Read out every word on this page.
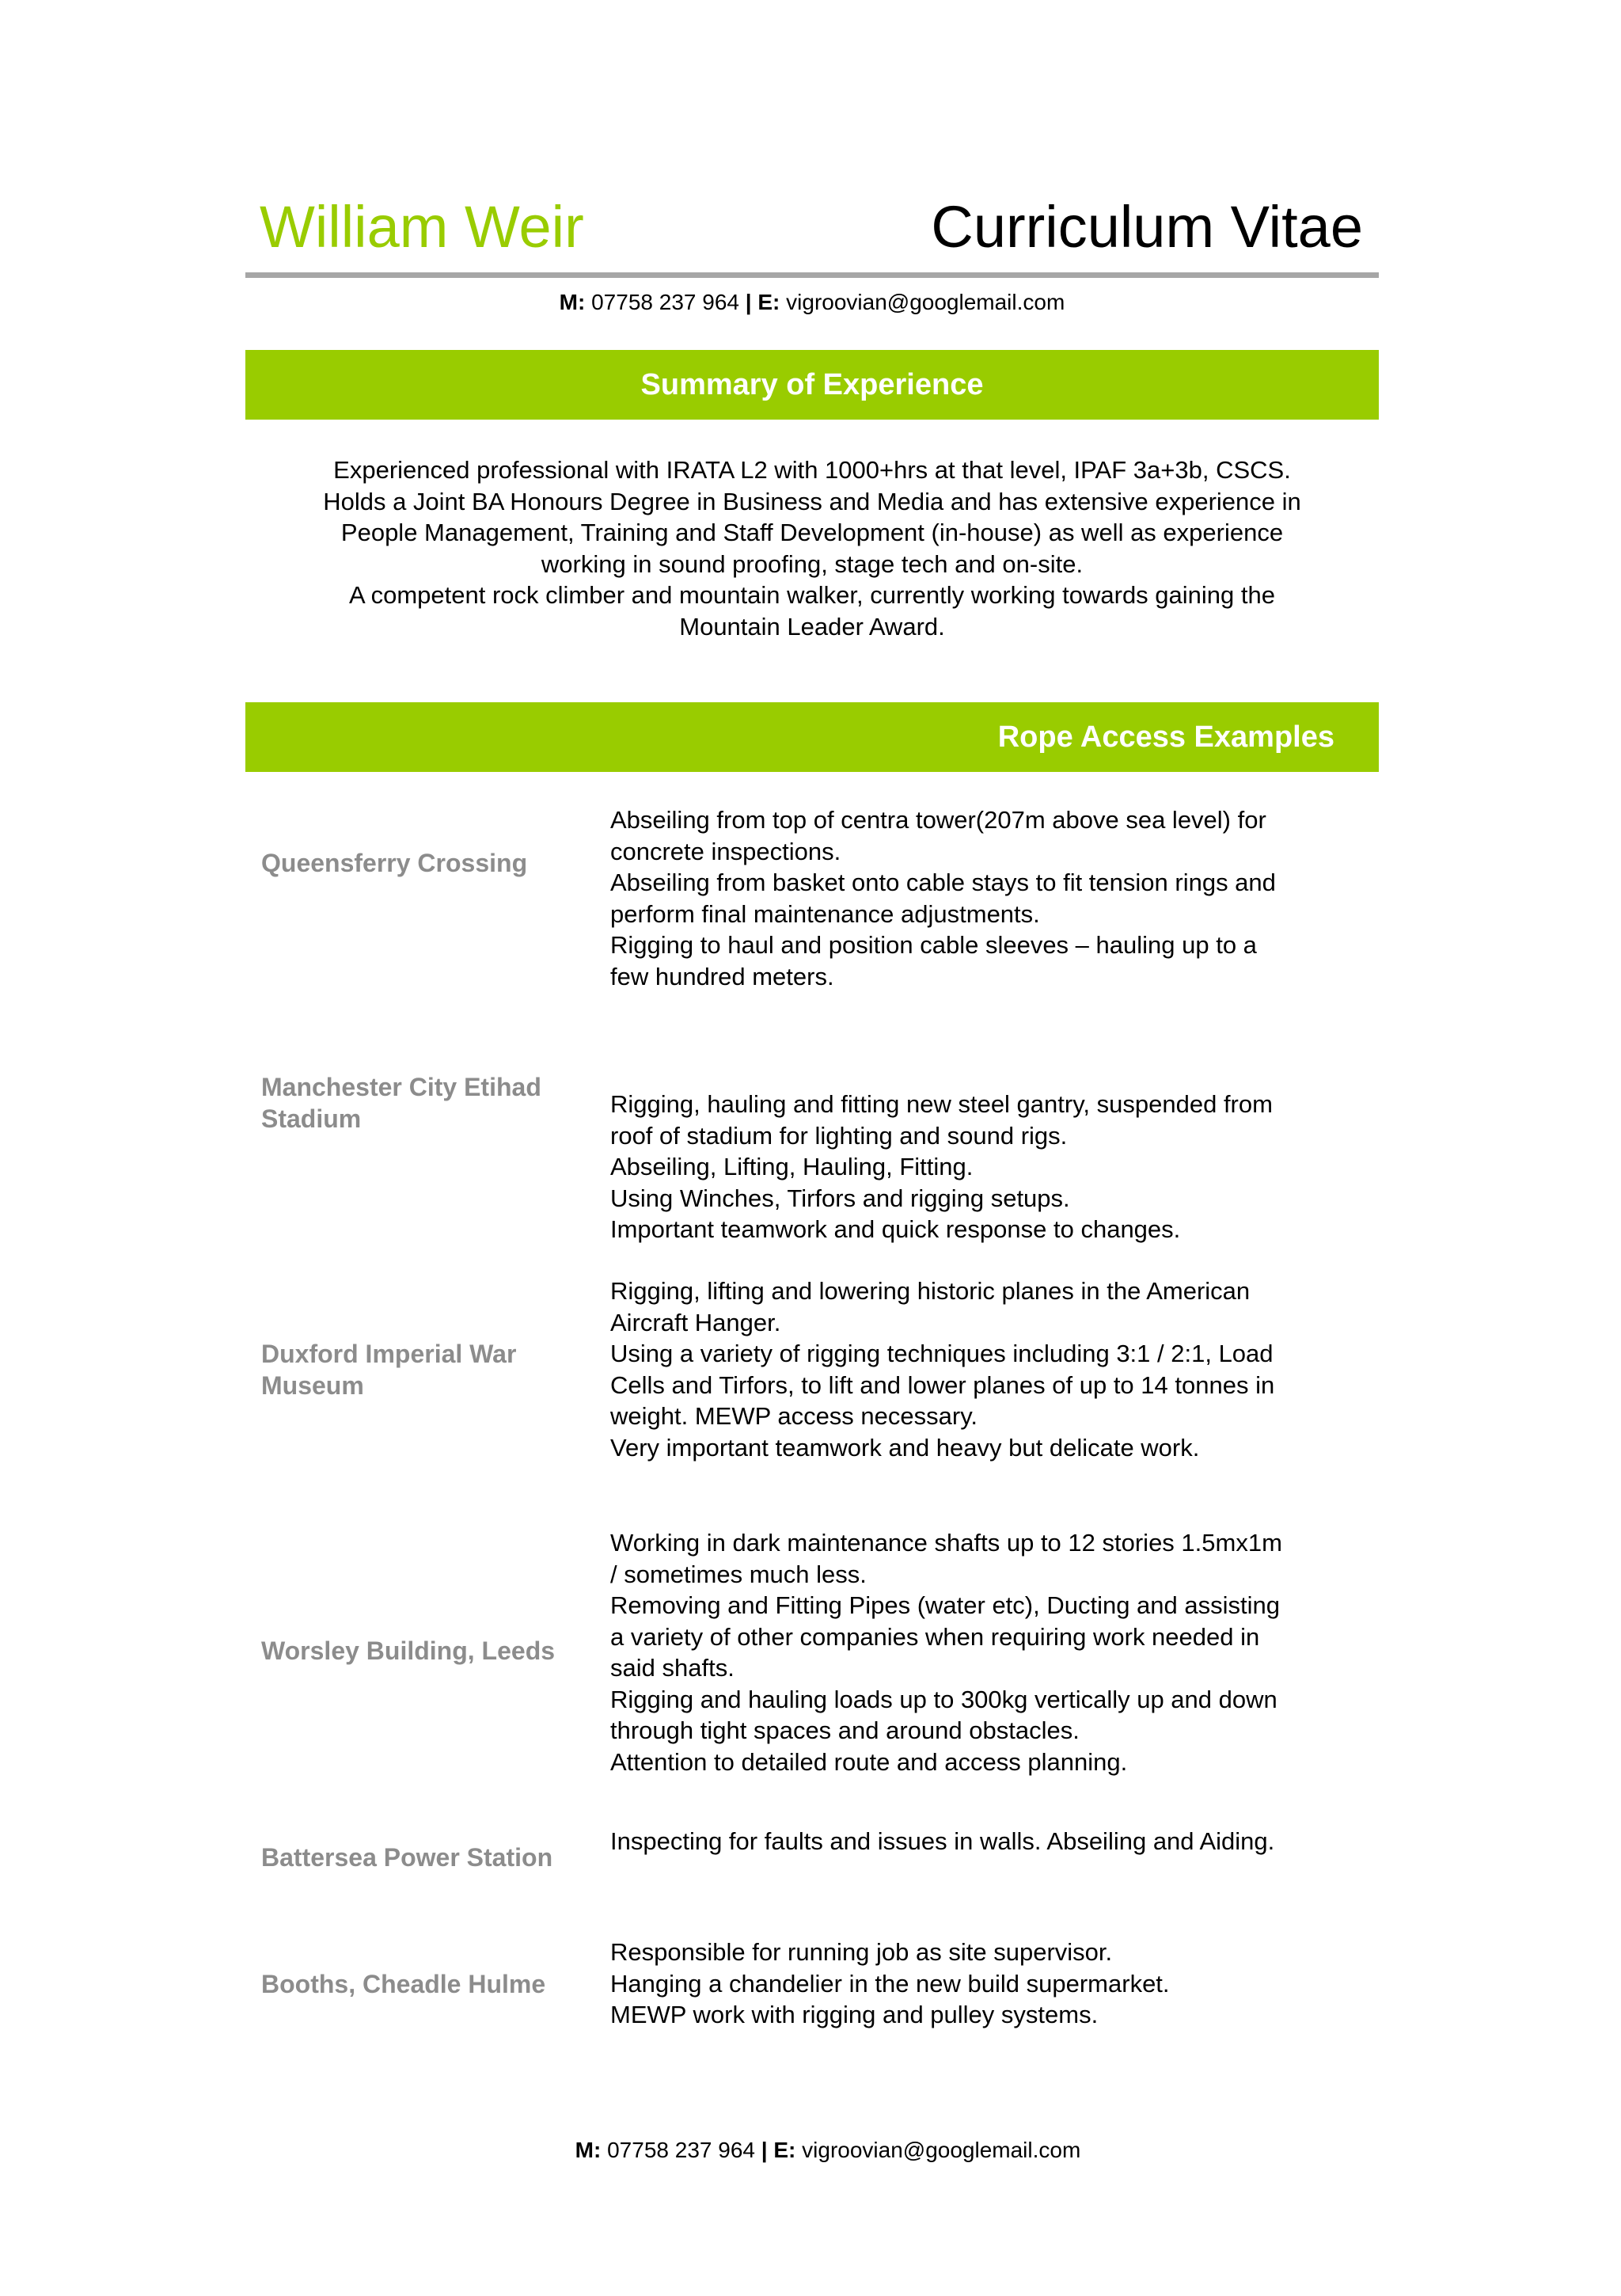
William Weir	Curriculum Vitae
M: 07758 237 964 | E: vigroovian@googlemail.com
Summary of Experience
Experienced professional with IRATA L2 with 1000+hrs at that level, IPAF 3a+3b, CSCS.
Holds a Joint BA Honours Degree in Business and Media and has extensive experience in
People Management, Training and Staff Development (in-house) as well as experience
working in sound proofing, stage tech and on-site.
A competent rock climber and mountain walker, currently working towards gaining the
Mountain Leader Award.
Rope Access Examples
Queensferry Crossing
Abseiling from top of centra tower(207m above sea level) for
concrete inspections.
Abseiling from basket onto cable stays to fit tension rings and
perform final maintenance adjustments.
Rigging to haul and position cable sleeves – hauling up to a
few hundred meters.
Manchester City Etihad Stadium	Rigging, hauling and fitting new steel gantry, suspended from
roof of stadium for lighting and sound rigs.
Abseiling, Lifting, Hauling, Fitting.
Using Winches, Tirfors and rigging setups.
Important teamwork and quick response to changes.
Duxford Imperial War Museum
Rigging, lifting and lowering historic planes in the American
Aircraft Hanger.
Using a variety of rigging techniques including 3:1 / 2:1, Load
Cells and Tirfors, to lift and lower planes of up to 14 tonnes in
weight. MEWP access necessary.
Very important teamwork and heavy but delicate work.
Worsley Building, Leeds
Working in dark maintenance shafts up to 12 stories 1.5mx1m
/ sometimes much less.
Removing and Fitting Pipes (water etc), Ducting and assisting
a variety of other companies when requiring work needed in
said shafts.
Rigging and hauling loads up to 300kg vertically up and down
through tight spaces and around obstacles.
Attention to detailed route and access planning.
Battersea Power Station
Inspecting for faults and issues in walls. Abseiling and Aiding.
Booths, Cheadle Hulme
Responsible for running job as site supervisor.
Hanging a chandelier in the new build supermarket.
MEWP work with rigging and pulley systems.
M: 07758 237 964 | E: vigroovian@googlemail.com
